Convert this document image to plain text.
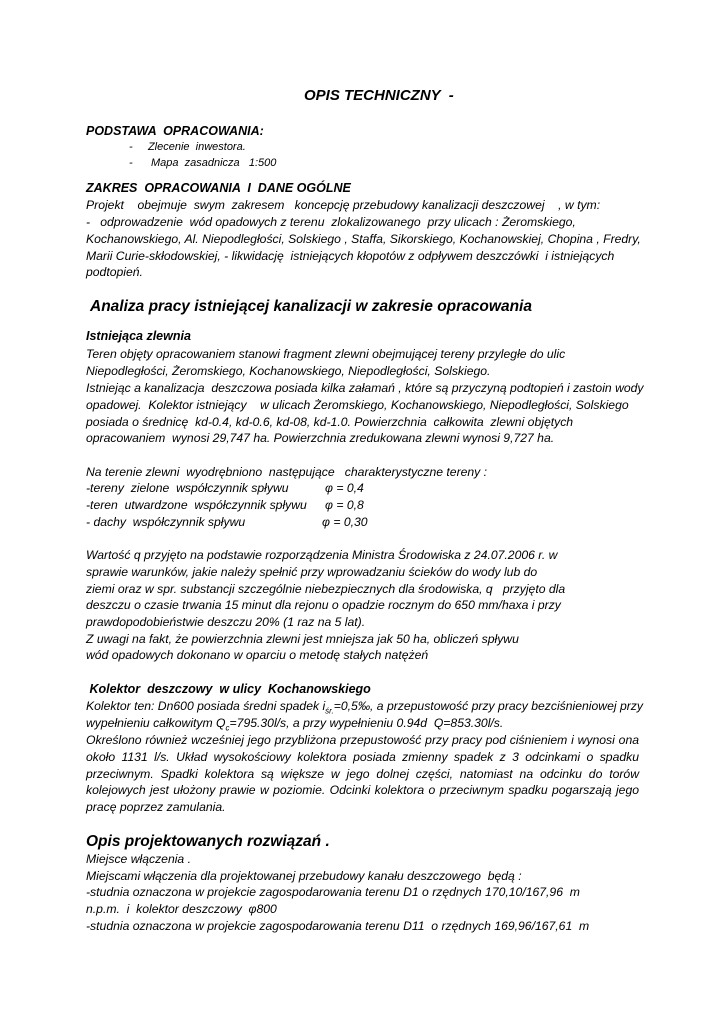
OPIS TECHNICZNY  -
PODSTAWA  OPRACOWANIA:
-     Zlecenie  inwestora.
-      Mapa  zasadnicza   1:500
ZAKRES  OPRACOWANIA  I  DANE OGÓLNE
Projekt    obejmuje  swym  zakresem   koncepcję przebudowy kanalizacji deszczowej    , w tym:
-   odprowadzenie  wód opadowych z terenu  zlokalizowanego  przy ulicach : Żeromskiego,
Kochanowskiego, Al. Niepodległości, Solskiego , Staffa, Sikorskiego, Kochanowskiej, Chopina , Fredry,
Marii Curie-skłodowskiej, - likwidację  istniejących kłopotów z odpływem deszczówki  i istniejących
podtopień.
Analiza pracy istniejącej kanalizacji w zakresie opracowania
Istniejąca zlewnia
Teren objęty opracowaniem stanowi fragment zlewni obejmującej tereny przyległe do ulic
Niepodległości, Żeromskiego, Kochanowskiego, Niepodległości, Solskiego.
Istniejąc a kanalizacja  deszczowa posiada kilka załamań , które są przyczyną podtopień i zastoin wody
opadowej.  Kolektor istniejący    w ulicach Żeromskiego, Kochanowskiego, Niepodległości, Solskiego
posiada o średnicę  kd-0.4, kd-0.6, kd-08, kd-1.0. Powierzchnia  całkowita  zlewni objętych
opracowaniem  wynosi 29,747 ha. Powierzchnia zredukowana zlewni wynosi 9,727 ha.
Na terenie zlewni  wyodrębniono  następujące   charakterystyczne tereny :
-tereny  zielone  współczynnik spływu	φ = 0,4
-teren  utwardzone  współczynnik spływu φ = 0,8
- dachy  współczynnik spływu	φ = 0,30
Wartość q przyjęto na podstawie rozporządzenia Ministra Środowiska z 24.07.2006 r. w
sprawie warunków, jakie należy spełnić przy wprowadzaniu ścieków do wody lub do
ziemi oraz w spr. substancji szczególnie niebezpiecznych dla środowiska, q   przyjęto dla
deszczu o czasie trwania 15 minut dla rejonu o opadzie rocznym do 650 mm/haxa i przy
prawdopodobieństwie deszczu 20% (1 raz na 5 lat).
Z uwagi na fakt, że powierzchnia zlewni jest mniejsza jak 50 ha, obliczeń spływu
wód opadowych dokonano w oparciu o metodę stałych natężeń
Kolektor  deszczowy  w ulicy  Kochanowskiego
Kolektor ten: Dn600 posiada średni spadek $i_{śr.}=0,5‰$, a przepustowość przy pracy bezciśnieniowej przy
wypełnieniu całkowitym $Q_c=795.30l/s$, a przy wypełnieniu 0.94d  Q=853.30l/s.
Określono również wcześniej jego przybliżona przepustowość przy pracy pod ciśnieniem i wynosi ona
około 1131 l/s. Układ wysokościowy kolektora posiada zmienny spadek z 3 odcinkami o spadku
przeciwnym. Spadki kolektora są większe w jego dolnej części, natomiast na odcinku do torów
kolejowych jest ułożony prawie w poziomie. Odcinki kolektora o przeciwnym spadku pogarszają jego
pracę poprzez zamulania.
Opis projektowanych rozwiązań .
Miejsce włączenia .
Miejscami włączenia dla projektowanej przebudowy kanału deszczowego  będą :
-studnia oznaczona w projekcie zagospodarowania terenu D1 o rzędnych 170,10/167,96  m
n.p.m.  i  kolektor deszczowy  φ800
-studnia oznaczona w projekcie zagospodarowania terenu D11  o rzędnych 169,96/167,61  m
